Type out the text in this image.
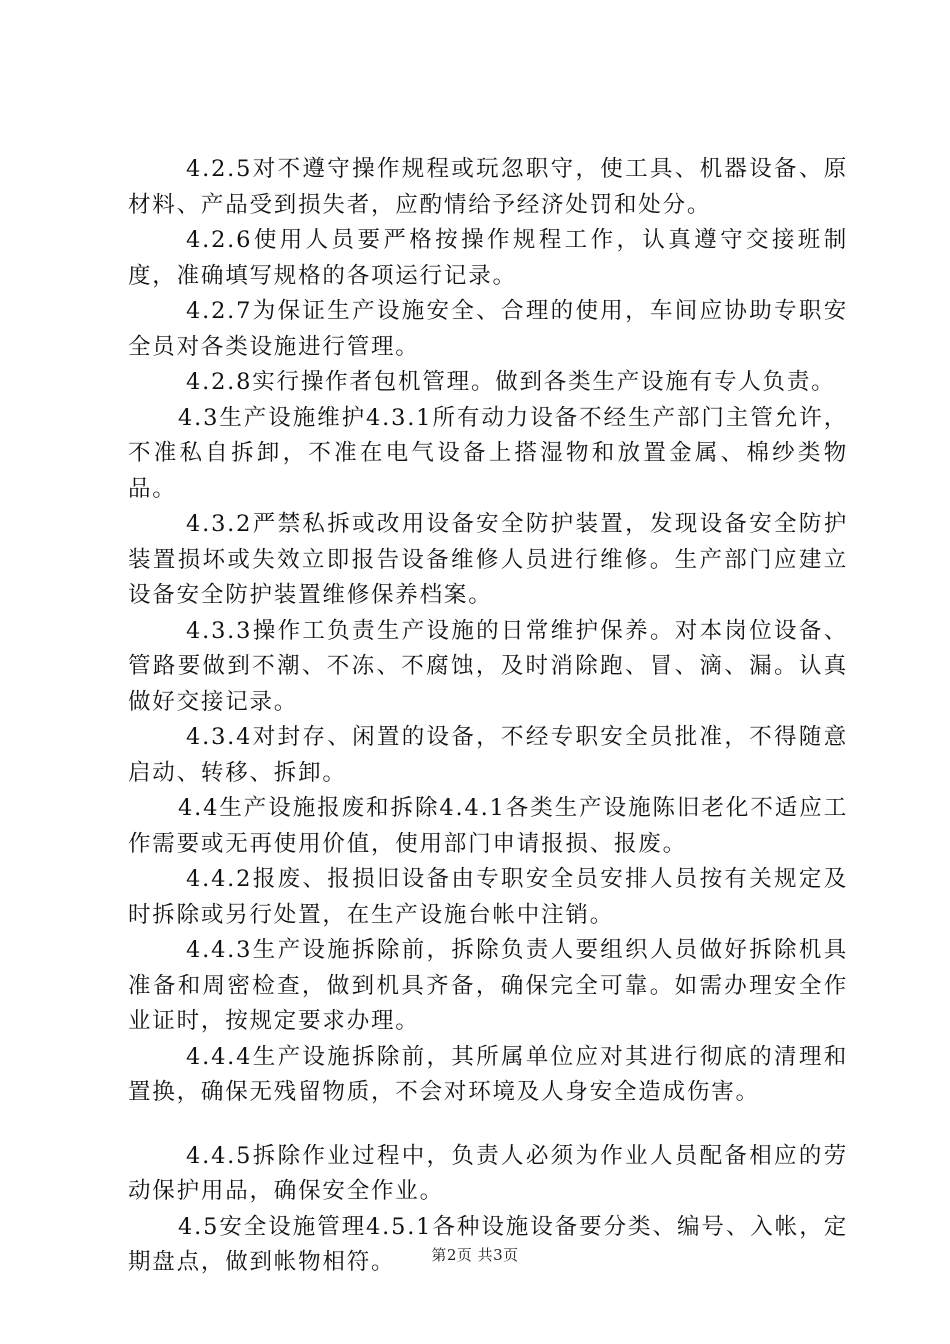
4.2.5对不遵守操作规程或玩忽职守，使工具、机器设备、原材料、产品受到损失者，应酌情给予经济处罚和处分。

4.2.6使用人员要严格按操作规程工作，认真遵守交接班制度，准确填写规格的各项运行记录。

4.2.7为保证生产设施安全、合理的使用，车间应协助专职安全员对各类设施进行管理。

4.2.8实行操作者包机管理。做到各类生产设施有专人负责。

4.3生产设施维护4.3.1所有动力设备不经生产部门主管允许，不准私自拆卸，不准在电气设备上搭湿物和放置金属、棉纱类物品。

4.3.2严禁私拆或改用设备安全防护装置，发现设备安全防护装置损坏或失效立即报告设备维修人员进行维修。生产部门应建立设备安全防护装置维修保养档案。

4.3.3操作工负责生产设施的日常维护保养。对本岗位设备、管路要做到不潮、不冻、不腐蚀，及时消除跑、冒、滴、漏。认真做好交接记录。

4.3.4对封存、闲置的设备，不经专职安全员批准，不得随意启动、转移、拆卸。

4.4生产设施报废和拆除4.4.1各类生产设施陈旧老化不适应工作需要或无再使用价值，使用部门申请报损、报废。

4.4.2报废、报损旧设备由专职安全员安排人员按有关规定及时拆除或另行处置，在生产设施台帐中注销。

4.4.3生产设施拆除前，拆除负责人要组织人员做好拆除机具准备和周密检查，做到机具齐备，确保完全可靠。如需办理安全作业证时，按规定要求办理。

4.4.4生产设施拆除前，其所属单位应对其进行彻底的清理和置换，确保无残留物质，不会对环境及人身安全造成伤害。

4.4.5拆除作业过程中，负责人必须为作业人员配备相应的劳动保护用品，确保安全作业。

4.5安全设施管理4.5.1各种设施设备要分类、编号、入帐，定期盘点，做到帐物相符。	第2页 共3页
